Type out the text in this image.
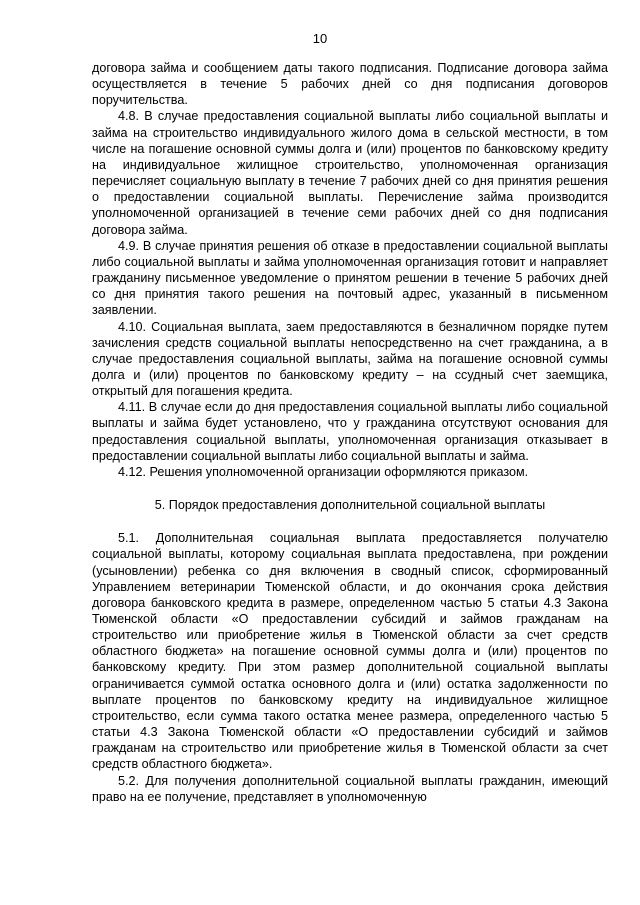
10

договора займа и сообщением даты такого подписания. Подписание договора займа осуществляется в течение 5 рабочих дней со дня подписания договоров поручительства.

4.8. В случае предоставления социальной выплаты либо социальной выплаты и займа на строительство индивидуального жилого дома в сельской местности, в том числе на погашение основной суммы долга и (или) процентов по банковскому кредиту на индивидуальное жилищное строительство, уполномоченная организация перечисляет социальную выплату в течение 7 рабочих дней со дня принятия решения о предоставлении социальной выплаты. Перечисление займа производится уполномоченной организацией в течение семи рабочих дней со дня подписания договора займа.

4.9. В случае принятия решения об отказе в предоставлении социальной выплаты либо социальной выплаты и займа уполномоченная организация готовит и направляет гражданину письменное уведомление о принятом решении в течение 5 рабочих дней со дня принятия такого решения на почтовый адрес, указанный в письменном заявлении.

4.10. Социальная выплата, заем предоставляются в безналичном порядке путем зачисления средств социальной выплаты непосредственно на счет гражданина, а в случае предоставления социальной выплаты, займа на погашение основной суммы долга и (или) процентов по банковскому кредиту – на ссудный счет заемщика, открытый для погашения кредита.

4.11. В случае если до дня предоставления социальной выплаты либо социальной выплаты и займа будет установлено, что у гражданина отсутствуют основания для предоставления социальной выплаты, уполномоченная организация отказывает в предоставлении социальной выплаты либо социальной выплаты и займа.

4.12. Решения уполномоченной организации оформляются приказом.

5. Порядок предоставления дополнительной социальной выплаты

5.1. Дополнительная социальная выплата предоставляется получателю социальной выплаты, которому социальная выплата предоставлена, при рождении (усыновлении) ребенка со дня включения в сводный список, сформированный Управлением ветеринарии Тюменской области, и до окончания срока действия договора банковского кредита в размере, определенном частью 5 статьи 4.3 Закона Тюменской области «О предоставлении субсидий и займов гражданам на строительство или приобретение жилья в Тюменской области за счет средств областного бюджета» на погашение основной суммы долга и (или) процентов по банковскому кредиту. При этом размер дополнительной социальной выплаты ограничивается суммой остатка основного долга и (или) остатка задолженности по выплате процентов по банковскому кредиту на индивидуальное жилищное строительство, если сумма такого остатка менее размера, определенного частью 5 статьи 4.3 Закона Тюменской области «О предоставлении субсидий и займов гражданам на строительство или приобретение жилья в Тюменской области за счет средств областного бюджета».

5.2. Для получения дополнительной социальной выплаты гражданин, имеющий право на ее получение, представляет в уполномоченную
